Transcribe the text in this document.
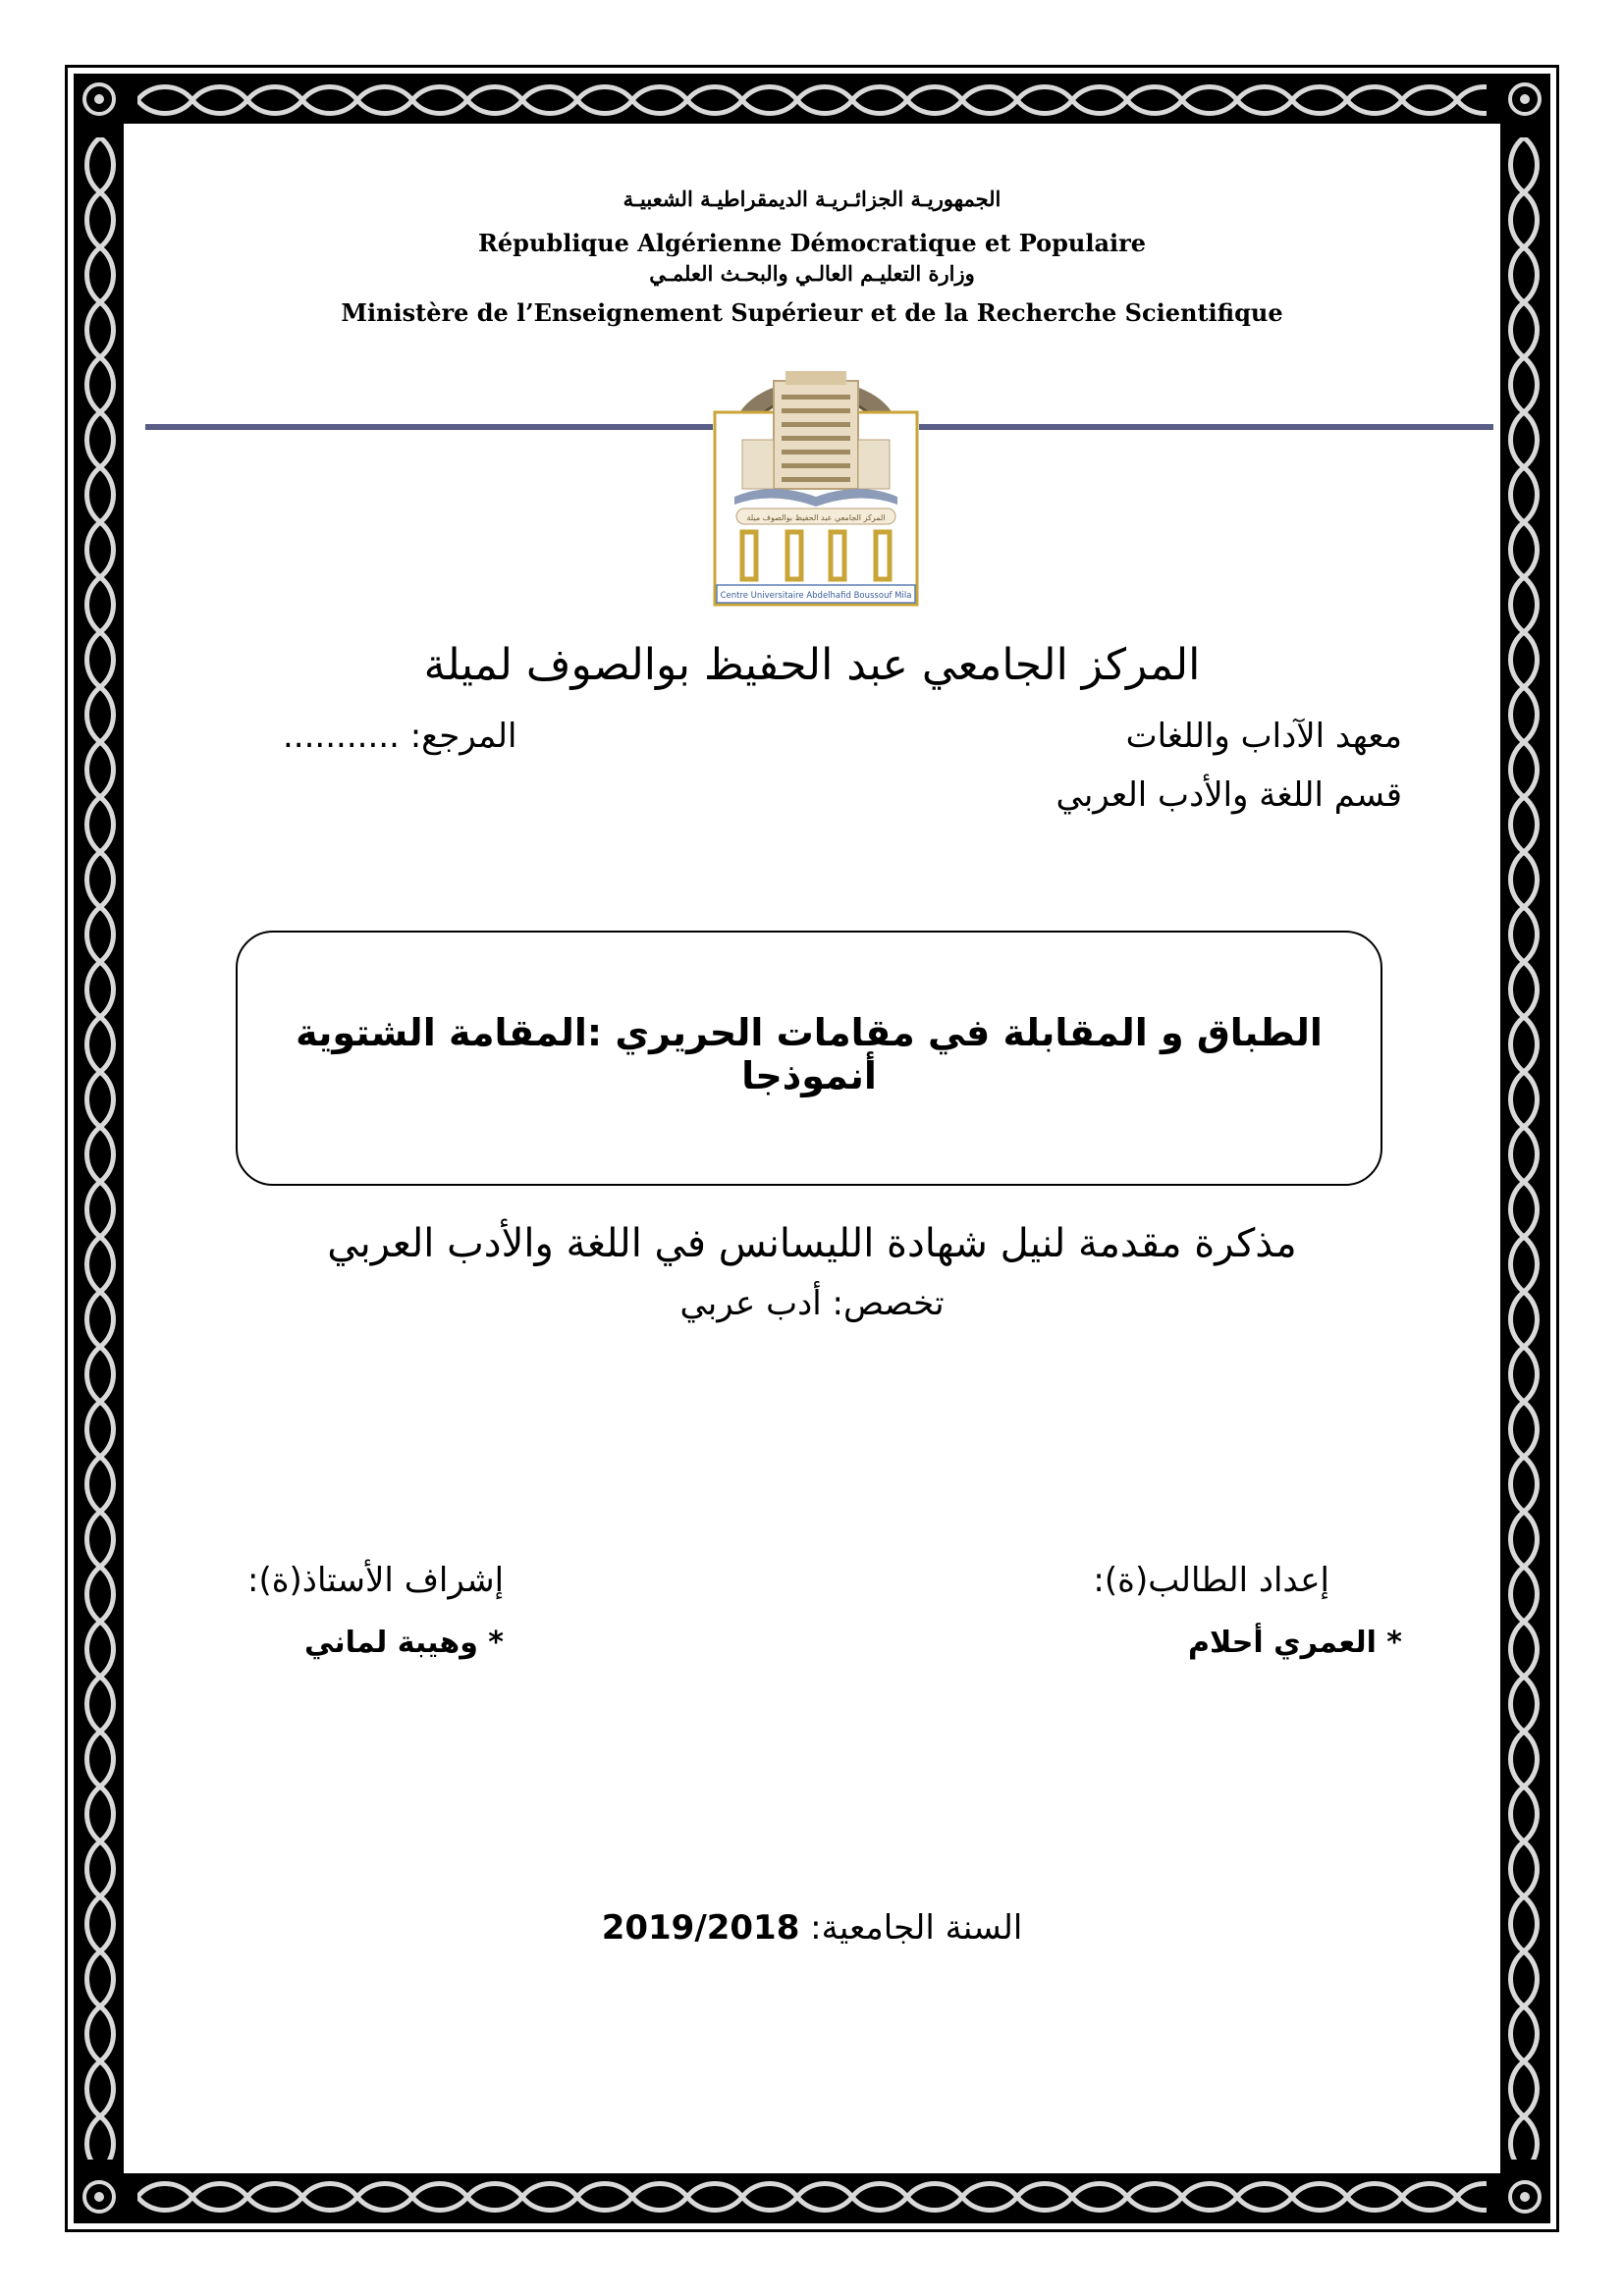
الجمهوريـة الجزائـريـة الديمقراطيـة الشعبيـة
République Algérienne Démocratique et Populaire
وزارة التعليـم العالـي والبحـث العلمـي
Ministère de l’Enseignement Supérieur et de la Recherche Scientifique
المركز الجامعي عبد الحفيظ بوالصوف ميلة
Centre Universitaire Abdelhafid Boussouf Mila
المركز الجامعي عبد الحفيظ بوالصوف لميلة
معهد الآداب واللغات
المرجع: ...........
قسم اللغة والأدب العربي
الطباق و المقابلة في مقامات الحريري :المقامة الشتوية أنموذجا
مذكرة مقدمة لنيل شهادة الليسانس في اللغة والأدب العربي
تخصص: أدب عربي
إعداد الطالب(ة):
* العمري أحلام
إشراف الأستاذ(ة):
* وهيبة لماني
السنة الجامعية: 2019/2018
